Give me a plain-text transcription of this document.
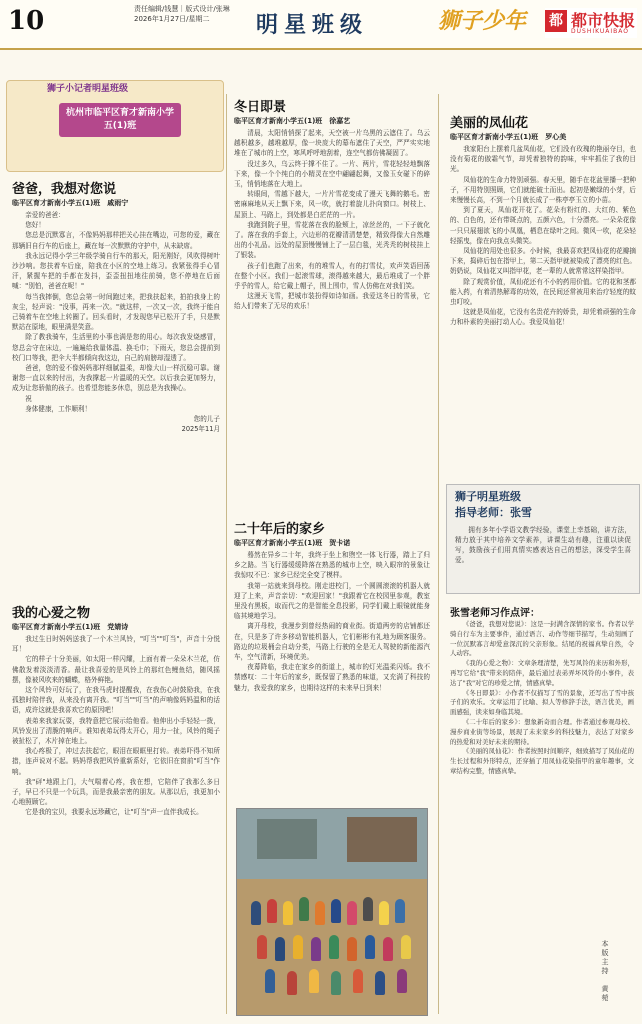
10	责任编辑/钱慧｜版式设计/张琳
2026年1月27日/星期二	明星班级	狮子少年 都 都市快报
DUSHIKUAIBAO
狮子小记者明星班级
杭州市临平区育才新南小学五(1)班
爸爸，我想对您说
临平区育才新南小学五(1)班　戚雨宁

亲爱的爸爸：

您好！

您总是沉默寡言，不像妈妈那样把关心挂在嘴边，可您的爱，藏在那辆旧自行车的后座上，藏在每一次默默的守护中，从未缺席。

我永远记得小学三年级学骑自行车的那天，阳光刚好，风吹得树叶沙沙响。您扶着车后座，陪我在小区的空地上练习。我紧张得手心冒汗，紧握车把的手都在发抖，歪歪扭扭地往前骑，您不停地在后面喊："别怕，爸爸在呢！"

每当我摔倒，您总会第一时间跑过来，把我扶起来，拍拍我身上的灰尘，轻声说："没事，再来一次。"就这样，一次又一次，我终于能自己骑着车在空地上转圈了。回头看时，才发现您早已松开了手，只是默默站在原地，眼里满是笑意。

除了教我骑车，生活里的小事也满是您的用心。每次我发烧感冒，您总会守在床边，一遍遍给我量体温、换毛巾；下雨天，您总会提前到校门口等我，把伞大半都倾向我这边，自己的肩膀却湿透了。

爸爸，您的爱不像妈妈那样细腻温柔，却像大山一样沉稳可靠。谢谢您一直以来的付出，为我撑起一片温暖的天空。以后我会更加努力，成为让您骄傲的孩子。也希望您能多休息，别总是为我操心。

祝

身体健康，工作顺利！

您的儿子

2025年11月

我的心爱之物
临平区育才新南小学五(1)班　党婧诗

我过生日时妈妈送我了一个木兰风铃，"叮当""叮当"，声音十分悦耳！

它的样子十分美丽，如太阳一样闪耀，上面有着一朵朵木兰花，仿佛散发着淡淡清香。最让我喜爱的是风铃上的那红色鲤鱼结，随风摇摆，像被风吹来的蝴蝶，格外鲜艳。

这个风铃可好玩了，在我马虎时提醒我，在我伤心时鼓励我，在我孤独时陪伴我，从来没有离开我。"叮当""叮当"的声响像妈妈温和的话语，成许这就是我喜欢它的原因吧！

表弟来我家玩耍，我特意把它展示给他看。他伸出小手轻轻一拨，风铃发出了清脆的响声。谁知表弟玩得太开心，用力一扯，风铃的绳子被扯松了，木片掉在地上。

我心疼极了，冲过去扶起它，眼泪在眼眶里打转。表弟吓得不知所措，连声说对不起。妈妈帮我把风铃重新系好，它依旧在窗前"叮当"作响。

我"砰"地跟上门，大气喘着心疼，我在想，它陪伴了我那么多日子，早已不只是一个玩具，而是我最亲密的朋友。从那以后，我更加小心地照顾它。

它是我的宝贝，我要永远珍藏它，让"叮当"声一直伴我成长。

冬日即景
临平区育才新南小学五(1)班　徐嘉艺

清晨，太阳悄悄探了起来，天空被一片乌黑的云遮住了。乌云越积越多，越堆越厚，像一块庞大的幕布遮住了天空，严严实实地堆在了城市的上空，寒风呼呼地刮着，连空气都仿佛凝固了。

没过多久，乌云终于撑不住了。一片、两片，雪花轻轻地飘落下来，像一个个纯白的小精灵在空中翩翩起舞，又像玉女碰下的碎玉，悄悄地落在大地上。

转眼间，雪越下越大，一片片雪花变成了漫天飞舞的鹅毛。密密麻麻地从天上飘下来，风一吹，就打着旋儿扑向窗口。树枝上、屋顶上、马路上，到处都是白茫茫的一片。

我跑到院子里，雪花落在我的脸颊上，凉丝丝的，一下子就化了。落在我的手套上，六边形的花瓣清清楚楚，精致得像大自然雕出的小礼品。远处的屋顶慢慢铺上了一层白毯，光秃秃的树枝挂上了银装。

孩子们也跑了出来，有的堆雪人，有的打雪仗，欢声笑语回荡在整个小区。我们一起滚雪球，滚得越来越大，最后堆成了一个胖乎乎的雪人，给它戴上帽子，围上围巾，雪人仿佛在对我们笑。

这漫天飞雪，把城市装扮得如诗如画。我爱这冬日的雪景，它给人们带来了无尽的欢乐！

二十年后的家乡
临平区育才新南小学五(1)班　贺卡诺

蓦然在异乡二十年，我终于坐上和煦空一体飞行器，踏上了归乡之路。当飞行器缓缓降落在熟悉的城市上空，映入眼帘的景象让我惊叹不已：家乡已经完全变了模样。

我第一站就来到母校。刚走进校门，一个圆圆滚滚的机器人就迎了上来，声音亲切："欢迎回家！"我跟着它在校园里参观，教室里没有黑板，取而代之的是智能全息投影，同学们戴上眼镜就能身临其境地学习。

离开母校，我漫步到曾经热闹的商业街。街道两旁的店铺都还在，只是多了许多移动智能机器人，它们彬彬有礼地为顾客服务。路边的垃圾桶会自动分类，马路上行驶的全是无人驾驶的新能源汽车，空气清新，环境优美。

夜幕降临，我走在家乡的街道上，城市的灯光温柔闪烁。我不禁感叹：二十年后的家乡，既保留了熟悉的味道，又充满了科技的魅力，我爱我的家乡，也期待这样的未来早日到来！

美丽的凤仙花
临平区育才新南小学五(1)班　罗心美

我家阳台上摆着几盆凤仙花，它们没有玫瑰的艳丽夺目，也没有菊花的傲霜气节，却凭着独特的韵味，牢牢抓住了我的目光。

凤仙花的生命力特别顽强。春天里，随手在花盆里播一把种子，不用特别照顾，它们就能破土而出。起初是嫩绿的小芽，后来慢慢长高，不到一个月就长成了一株亭亭玉立的小苗。

到了夏天，凤仙花开花了。花朵有粉红的、大红的、紫色的、白色的，还有带斑点的，五颜六色，十分漂亮。一朵朵花像一只只展翅欲飞的小凤凰，栖息在绿叶之间。微风一吹，花朵轻轻摇曳，像在向我点头微笑。

凤仙花的用处也很多。小时候，我最喜欢把凤仙花的花瓣摘下来，捣碎后包在指甲上，第二天指甲就被染成了漂亮的红色。奶奶说，凤仙花又叫指甲花，老一辈的人就常常这样染指甲。

除了观赏价值，凤仙花还有不小的药用价值。它的花和茎都能入药，有着清热解毒的功效，在民间还常被用来治疗轻度的蚊虫叮咬。

这就是凤仙花，它没有名贵花卉的娇贵，却凭着顽强的生命力和朴素的美丽打动人心。我爱凤仙花！

狮子明星班级
指导老师：张雪
拥有多年小学语文教学经验，课堂上幸基础，讲方法，精力放于其中培养文学素养，讲课生动有趣，注重以读促写，鼓励孩子们用真情实感表达自己的想法，深受学生喜爱。
张雪老师习作点评：

《爸爸，我想对您说》：这是一封满含深情的家书。作者以学骑自行车为主要事件，通过语言、动作等细节描写，生动刻画了一位沉默寡言却爱意深沉的父亲形象。结尾的祝福真挚自然，令人动容。

《我的心爱之物》：文章条理清楚，先写风铃的来历和外形，再写它给"我"带来的陪伴，最后通过表弟弄坏风铃的小事件，表达了"我"对它的珍爱之情，情感真挚。

《冬日即景》：小作者不仅描写了雪的景象，还写出了雪中孩子们的欢乐。文章运用了比喻、拟人等修辞手法，语言优美，画面感强，读来如身临其境。

《二十年后的家乡》：想象新奇而合理。作者通过参观母校、漫步商业街等场景，展现了未来家乡的科技魅力，表达了对家乡的热爱和对美好未来的期待。

《美丽的凤仙花》：作者按照时间顺序，细致描写了凤仙花的生长过程和外形特点，还穿插了用凤仙花染指甲的童年趣事，文章结构完整，情感真挚。

本版主持　黄菀
